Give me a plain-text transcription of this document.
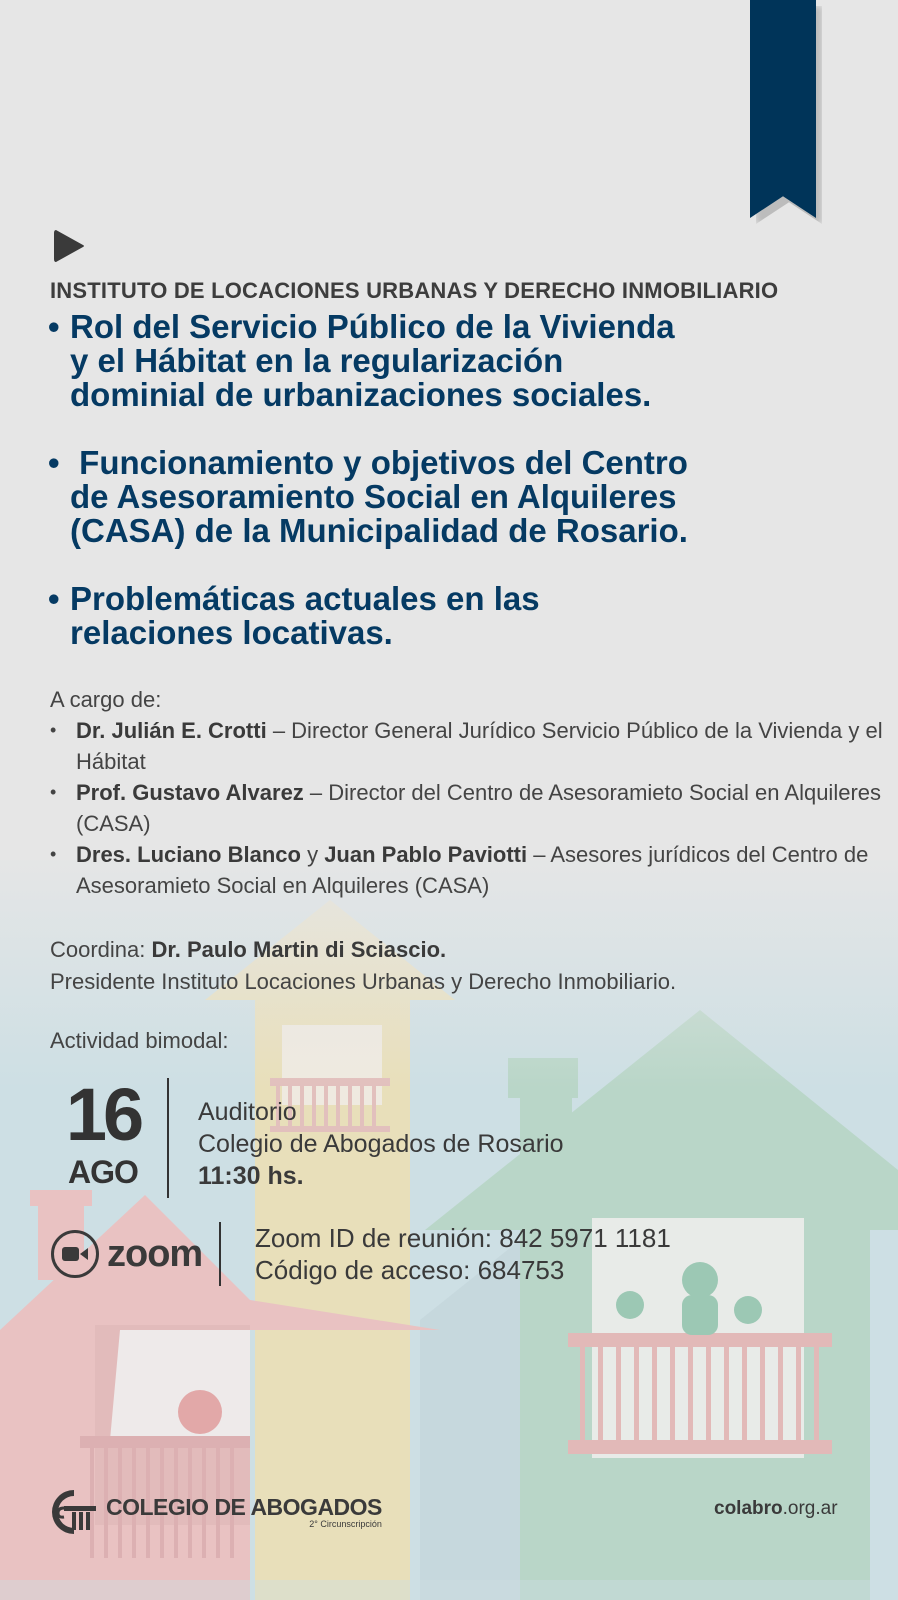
INSTITUTO DE LOCACIONES URBANAS Y DERECHO INMOBILIARIO
• Rol del Servicio Público de la Vivienda
y el Hábitat en la regularización
dominial de urbanizaciones sociales.
• Funcionamiento y objetivos del Centro
de Asesoramiento Social en Alquileres
(CASA) de la Municipalidad de Rosario.
• Problemáticas actuales en las
relaciones locativas.
A cargo de:
• Dr. Julián E. Crotti – Director General Jurídico Servicio Público de la Vivienda y el Hábitat
• Prof. Gustavo Alvarez – Director del Centro de Asesoramieto Social en Alquileres (CASA)
• Dres. Luciano Blanco y Juan Pablo Paviotti – Asesores jurídicos del Centro de Asesoramieto Social en Alquileres (CASA)
Coordina: Dr. Paulo Martin di Sciascio.
Presidente Instituto Locaciones Urbanas y Derecho Inmobiliario.
Actividad bimodal:
16
AGO
Auditorio
Colegio de Abogados de Rosario
11:30 hs.
zoom Zoom ID de reunión: 842 5971 1181
Código de acceso: 684753
COLEGIO DE ABOGADOS
2° Circunscripción
colabro.org.ar
